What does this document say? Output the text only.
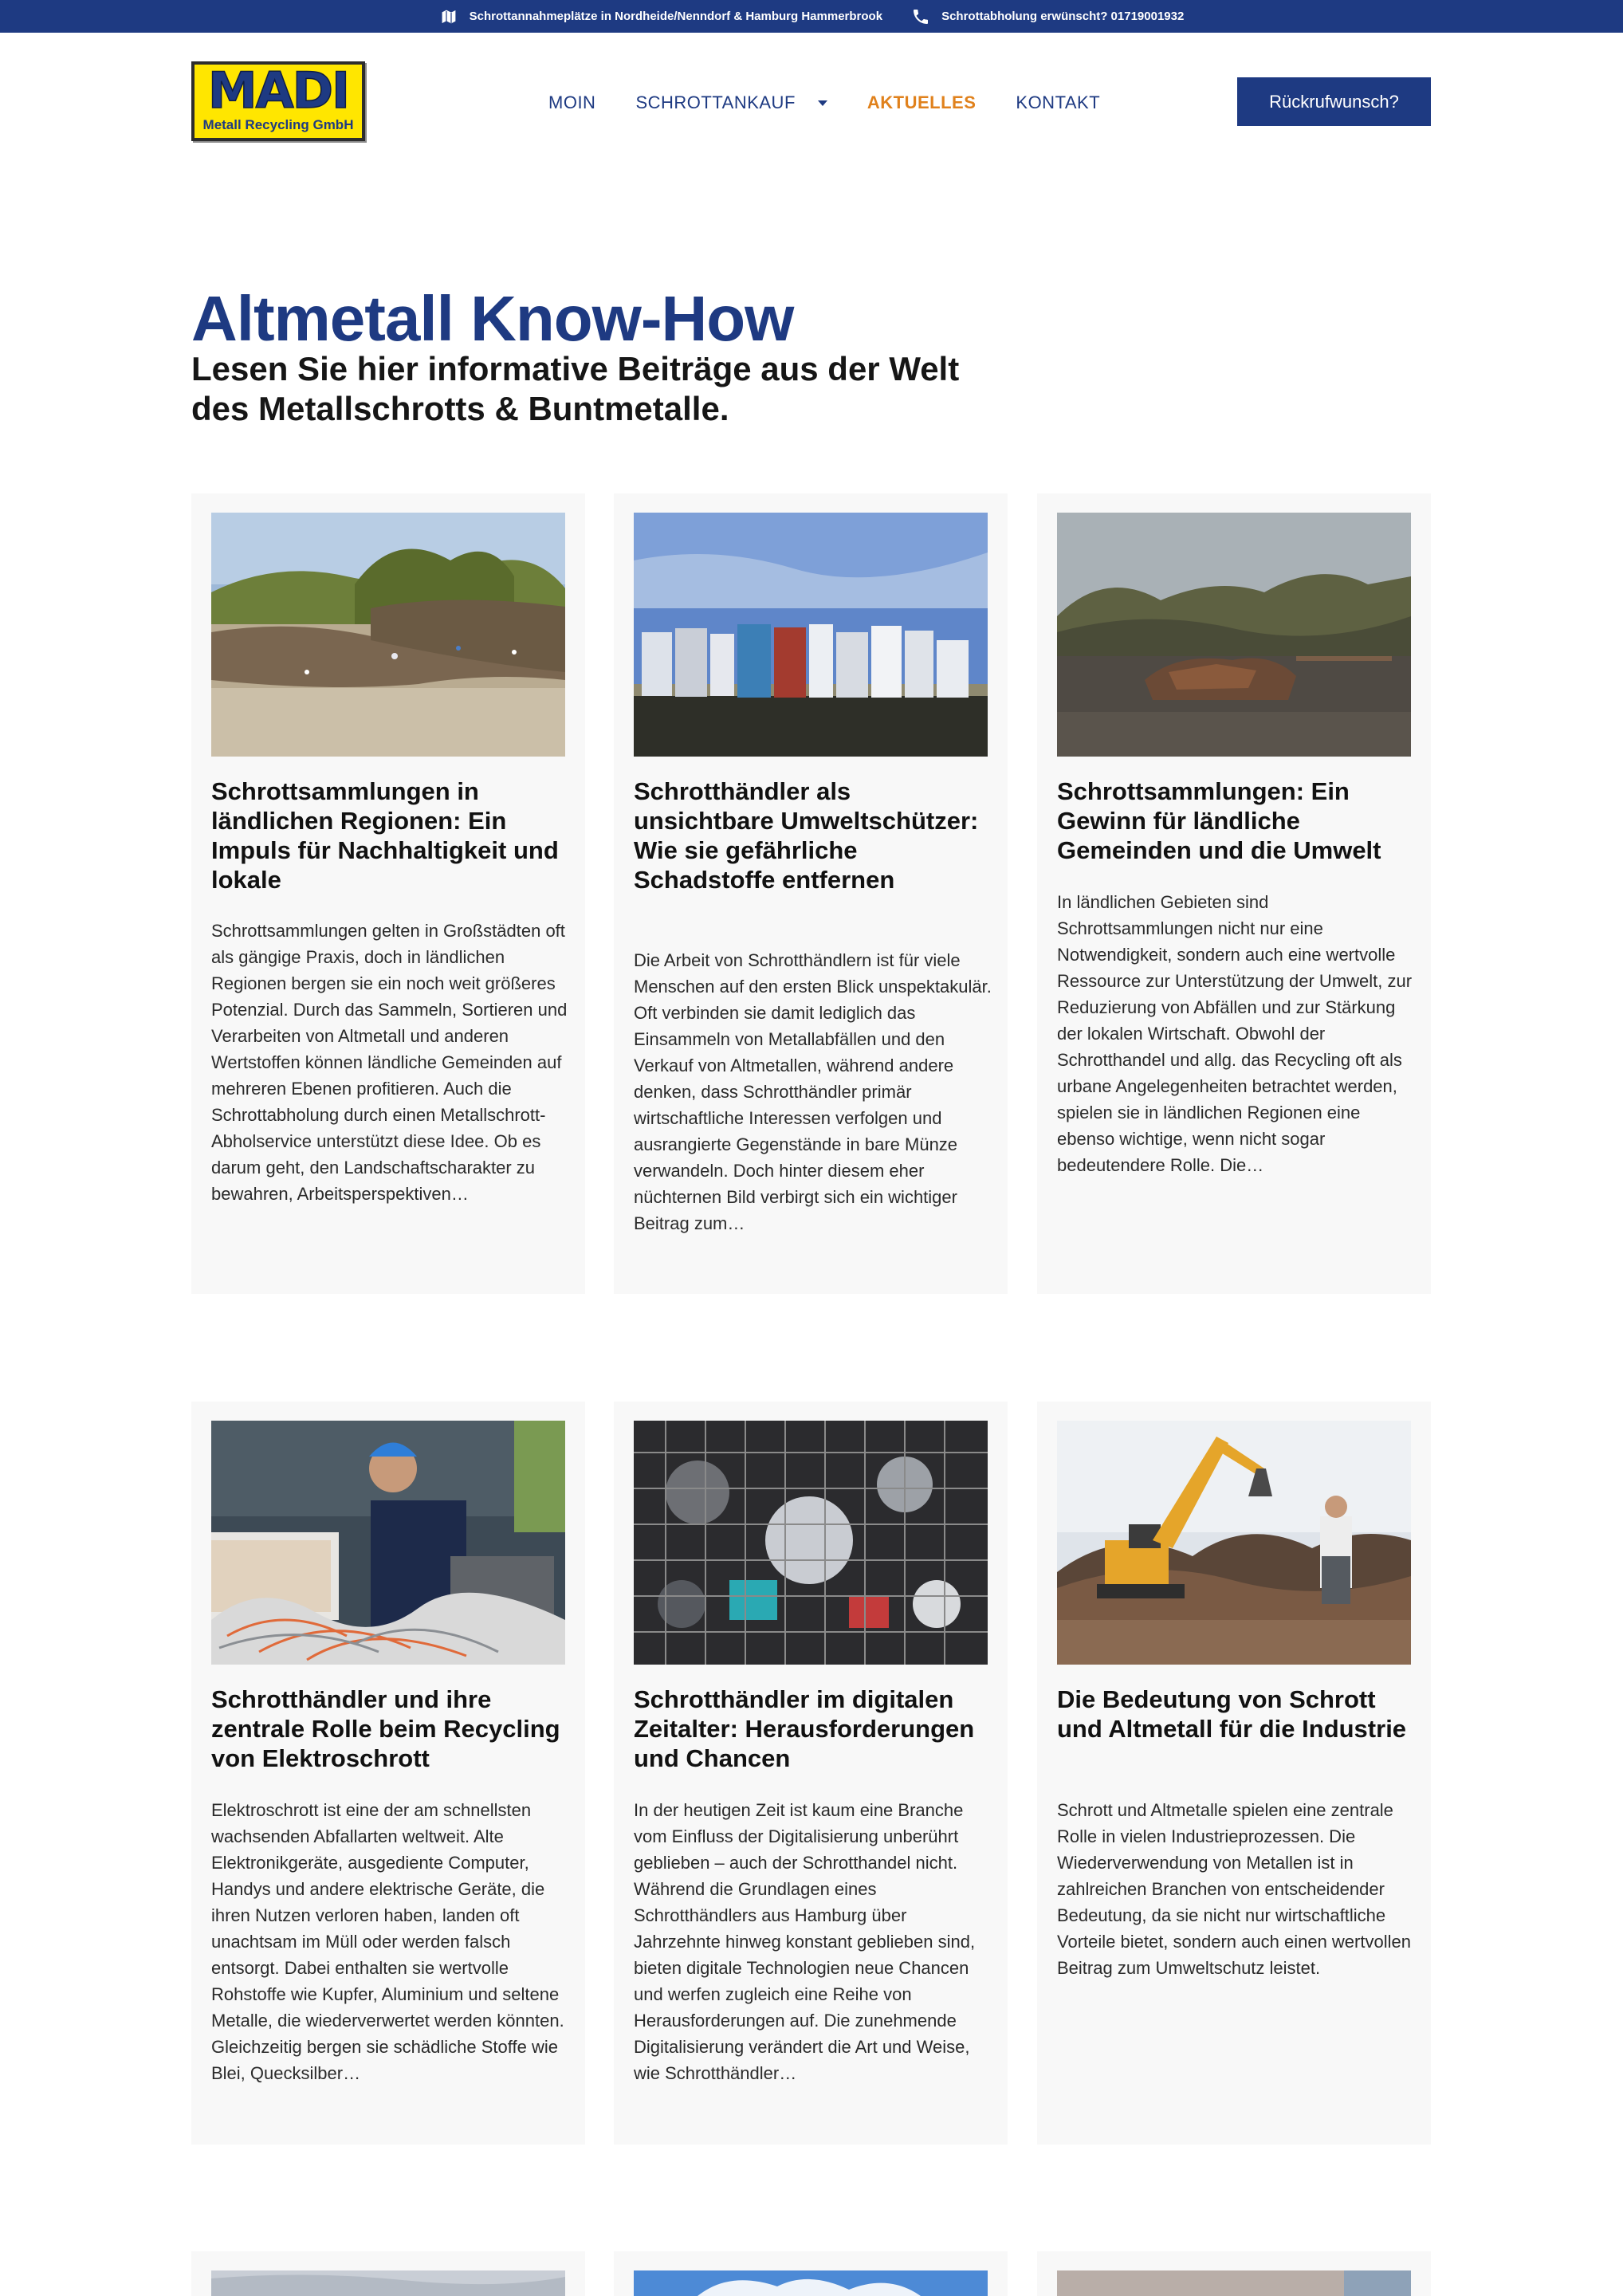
Schrottannahmeplätze in Nordheide/Nenndorf & Hamburg Hammerbrook	Schrottabholung erwünscht? 01719001932
MADI
Metall Recycling GmbH
MOIN SCHROTTANKAUF	AKTUELLES KONTAKT	Rückrufwunsch?
Altmetall Know-How
Lesen Sie hier informative Beiträge aus der Welt des Metallschrotts & Buntmetalle.
Schrottsammlungen in ländlichen Regionen: Ein Impuls für Nachhaltigkeit und lokale
Schrottsammlungen gelten in Großstädten oft als gängige Praxis, doch in ländlichen Regionen bergen sie ein noch weit größeres Potenzial. Durch das Sammeln, Sortieren und Verarbeiten von Altmetall und anderen Wertstoffen können ländliche Gemeinden auf mehreren Ebenen profitieren. Auch die Schrottabholung durch einen Metallschrott-Abholservice unterstützt diese Idee. Ob es darum geht, den Landschaftscharakter zu bewahren, Arbeitsperspektiven…
Schrotthändler als unsichtbare Umweltschützer: Wie sie gefährliche Schadstoffe entfernen
Die Arbeit von Schrotthändlern ist für viele Menschen auf den ersten Blick unspektakulär. Oft verbinden sie damit lediglich das Einsammeln von Metallabfällen und den Verkauf von Altmetallen, während andere denken, dass Schrotthändler primär wirtschaftliche Interessen verfolgen und ausrangierte Gegenstände in bare Münze verwandeln. Doch hinter diesem eher nüchternen Bild verbirgt sich ein wichtiger Beitrag zum…
Schrottsammlungen: Ein Gewinn für ländliche Gemeinden und die Umwelt
In ländlichen Gebieten sind Schrottsammlungen nicht nur eine Notwendigkeit, sondern auch eine wertvolle Ressource zur Unterstützung der Umwelt, zur Reduzierung von Abfällen und zur Stärkung der lokalen Wirtschaft. Obwohl der Schrotthandel und allg. das Recycling oft als urbane Angelegenheiten betrachtet werden, spielen sie in ländlichen Regionen eine ebenso wichtige, wenn nicht sogar bedeutendere Rolle. Die…
Schrotthändler und ihre zentrale Rolle beim Recycling von Elektroschrott
Elektroschrott ist eine der am schnellsten wachsenden Abfallarten weltweit. Alte Elektronikgeräte, ausgediente Computer, Handys und andere elektrische Geräte, die ihren Nutzen verloren haben, landen oft unachtsam im Müll oder werden falsch entsorgt. Dabei enthalten sie wertvolle Rohstoffe wie Kupfer, Aluminium und seltene Metalle, die wiederverwertet werden könnten. Gleichzeitig bergen sie schädliche Stoffe wie Blei, Quecksilber…
Schrotthändler im digitalen Zeitalter: Herausforderungen und Chancen
In der heutigen Zeit ist kaum eine Branche vom Einfluss der Digitalisierung unberührt geblieben – auch der Schrotthandel nicht. Während die Grundlagen eines Schrotthändlers aus Hamburg über Jahrzehnte hinweg konstant geblieben sind, bieten digitale Technologien neue Chancen und werfen zugleich eine Reihe von Herausforderungen auf. Die zunehmende Digitalisierung verändert die Art und Weise, wie Schrotthändler…
Die Bedeutung von Schrott und Altmetall für die Industrie
Schrott und Altmetalle spielen eine zentrale Rolle in vielen Industrieprozessen. Die Wiederverwendung von Metallen ist in zahlreichen Branchen von entscheidender Bedeutung, da sie nicht nur wirtschaftliche Vorteile bietet, sondern auch einen wertvollen Beitrag zum Umweltschutz leistet.
